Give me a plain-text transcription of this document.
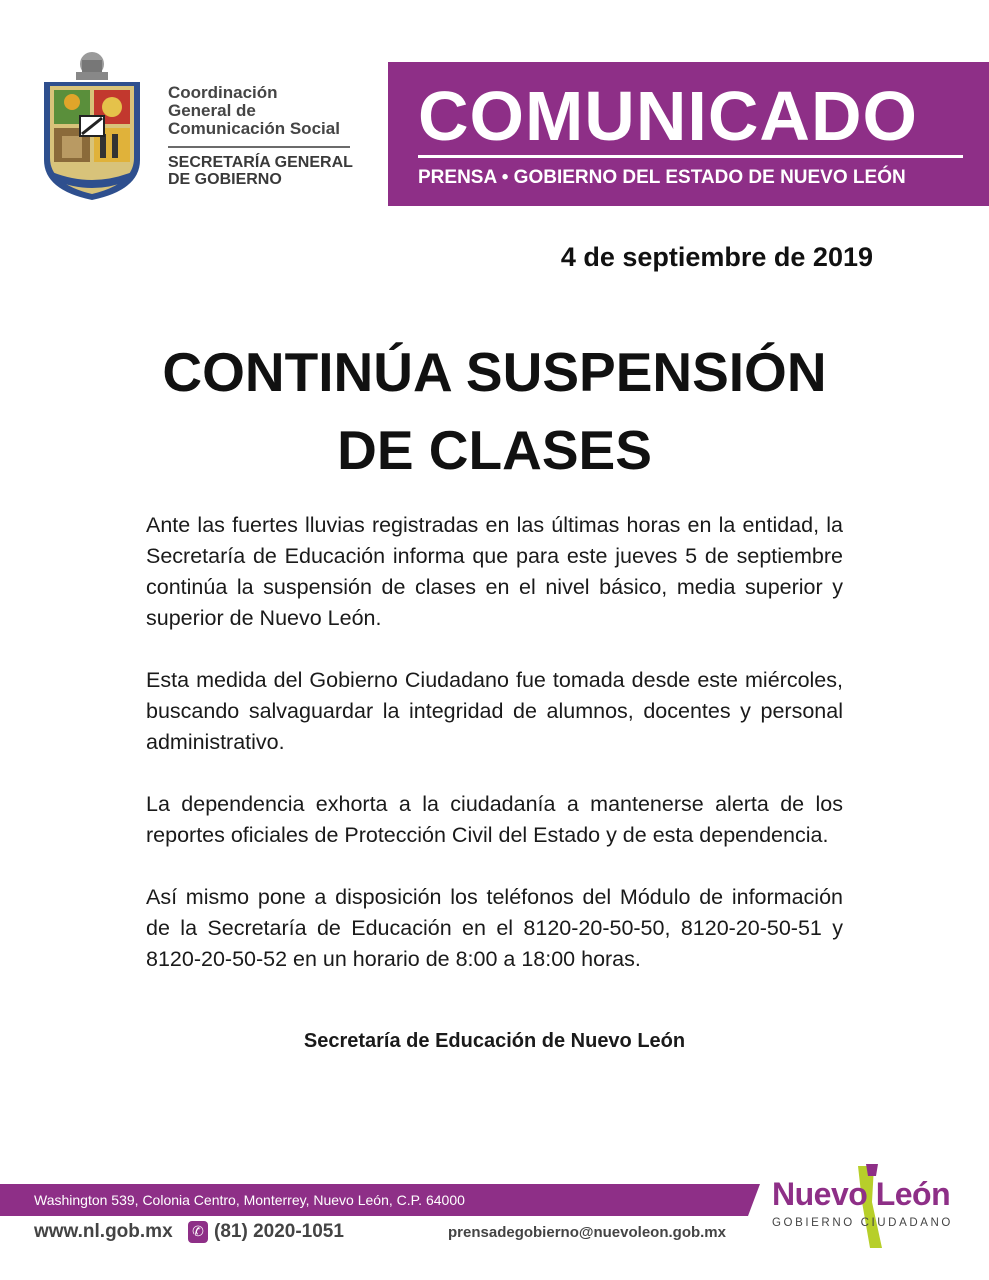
Coordinación
General de
Comunicación Social
SECRETARÍA GENERAL
DE GOBIERNO
COMUNICADO
PRENSA • GOBIERNO DEL ESTADO DE NUEVO LEÓN
4 de septiembre de 2019
CONTINÚA SUSPENSIÓN
DE CLASES

Ante las fuertes lluvias registradas en las últimas horas en la entidad, la Secretaría de Educación informa que para este jueves 5 de septiembre continúa la suspensión de clases en el nivel básico, media superior y superior de Nuevo León.

Esta medida del Gobierno Ciudadano fue tomada desde este miércoles, buscando salvaguardar la integridad de alumnos, docentes y personal administrativo.

La dependencia exhorta a la ciudadanía a mantenerse alerta de los reportes oficiales de Protección Civil del Estado y de esta dependencia.

Así mismo pone a disposición los teléfonos del Módulo de información de la Secretaría de Educación en el 8120-20-50-50, 8120-20-50-51 y 8120-20-50-52 en un horario de 8:00 a 18:00 horas.

Secretaría de Educación de Nuevo León
Washington 539, Colonia Centro, Monterrey, Nuevo León, C.P. 64000
www.nl.gob.mx ✆ (81) 2020-1051	prensadegobierno@nuevoleon.gob.mx
Nuevo León
GOBIERNO CIUDADANO
